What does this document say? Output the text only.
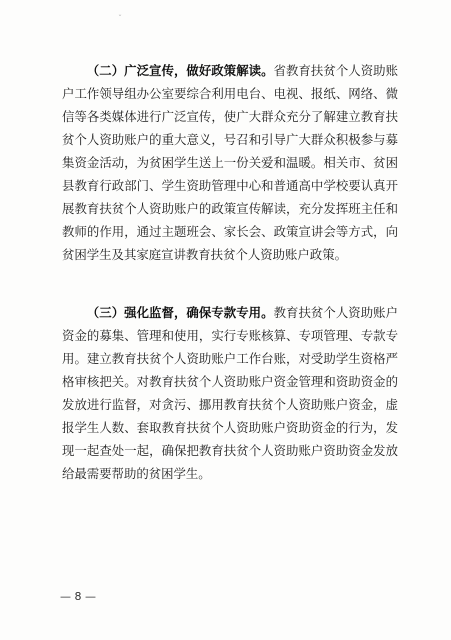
ˇ

（二）广泛宣传，做好政策解读。省教育扶贫个人资助账户工作领导组办公室要综合利用电台、电视、报纸、网络、微信等各类媒体进行广泛宣传，使广大群众充分了解建立教育扶贫个人资助账户的重大意义，号召和引导广大群众积极参与募集资金活动，为贫困学生送上一份关爱和温暖。相关市、贫困县教育行政部门、学生资助管理中心和普通高中学校要认真开展教育扶贫个人资助账户的政策宣传解读，充分发挥班主任和教师的作用，通过主题班会、家长会、政策宣讲会等方式，向贫困学生及其家庭宣讲教育扶贫个人资助账户政策。

（三）强化监督，确保专款专用。教育扶贫个人资助账户资金的募集、管理和使用，实行专账核算、专项管理、专款专用。建立教育扶贫个人资助账户工作台账，对受助学生资格严格审核把关。对教育扶贫个人资助账户资金管理和资助资金的发放进行监督，对贪污、挪用教育扶贫个人资助账户资金，虚报学生人数、套取教育扶贫个人资助账户资助资金的行为，发现一起查处一起，确保把教育扶贫个人资助账户资助资金发放给最需要帮助的贫困学生。

— 8 —
